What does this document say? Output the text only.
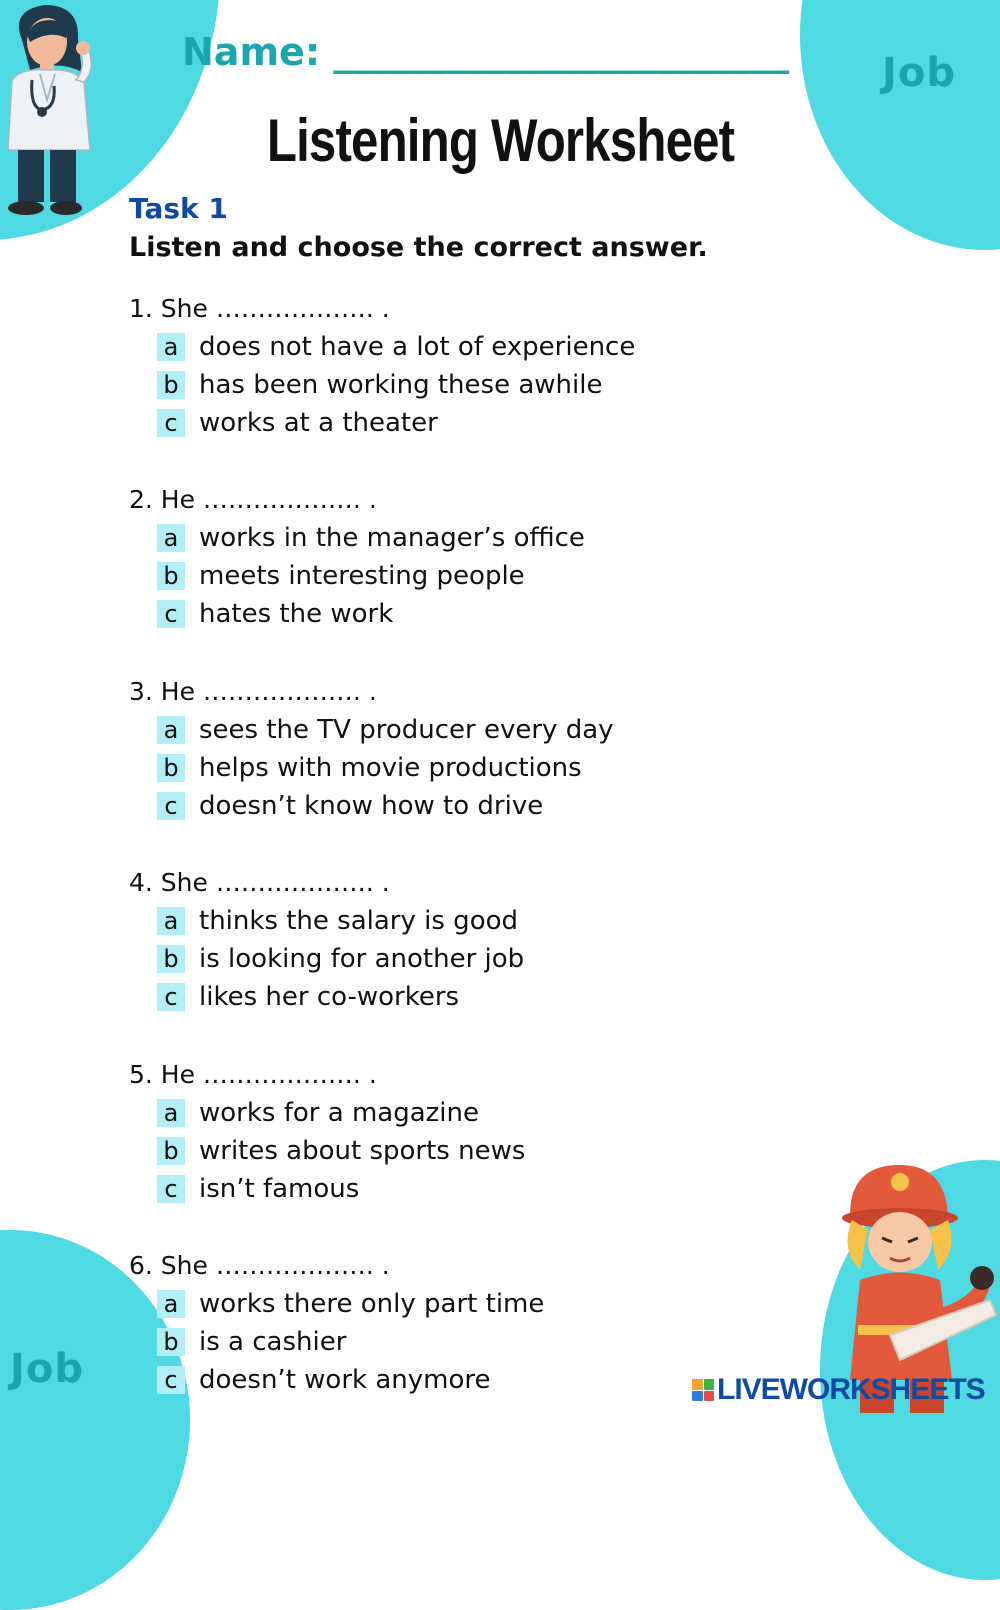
Job
Job
Name: ________________________
Listening Worksheet
Task 1
Listen and choose the correct answer.
1. She ………………. .
a does not have a lot of experience
b has been working these awhile
c works at a theater
2. He ………………. .
a works in the manager’s office
b meets interesting people
c hates the work
3. He ………………. .
a sees the TV producer every day
b helps with movie productions
c doesn’t know how to drive
4. She ………………. .
a thinks the salary is good
b is looking for another job
c likes her co-workers
5. He ………………. .
a works for a magazine
b writes about sports news
c isn’t famous
6. She ………………. .
a works there only part time
b is a cashier
c doesn’t work anymore	LIVEWORKSHEETS
